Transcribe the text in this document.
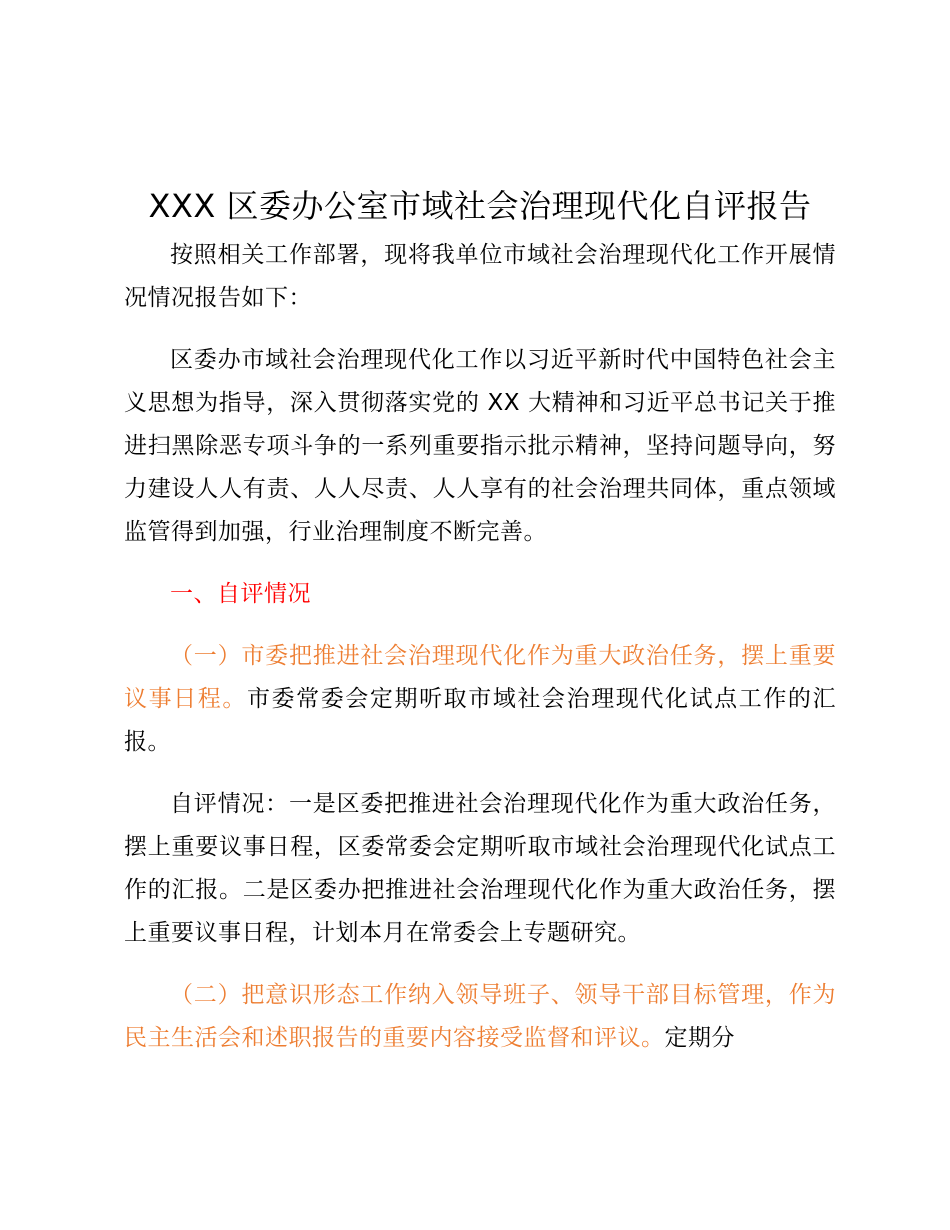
XXX 区委办公室市域社会治理现代化自评报告

按照相关工作部署，现将我单位市域社会治理现代化工作开展情况情况报告如下：

区委办市域社会治理现代化工作以习近平新时代中国特色社会主义思想为指导，深入贯彻落实党的 XX 大精神和习近平总书记关于推进扫黑除恶专项斗争的一系列重要指示批示精神，坚持问题导向，努力建设人人有责、人人尽责、人人享有的社会治理共同体，重点领域监管得到加强，行业治理制度不断完善。

一、自评情况

（一）市委把推进社会治理现代化作为重大政治任务，摆上重要议事日程。市委常委会定期听取市域社会治理现代化试点工作的汇报。

自评情况：一是区委把推进社会治理现代化作为重大政治任务，摆上重要议事日程，区委常委会定期听取市域社会治理现代化试点工作的汇报。二是区委办把推进社会治理现代化作为重大政治任务，摆上重要议事日程，计划本月在常委会上专题研究。

（二）把意识形态工作纳入领导班子、领导干部目标管理，作为民主生活会和述职报告的重要内容接受监督和评议。定期分
